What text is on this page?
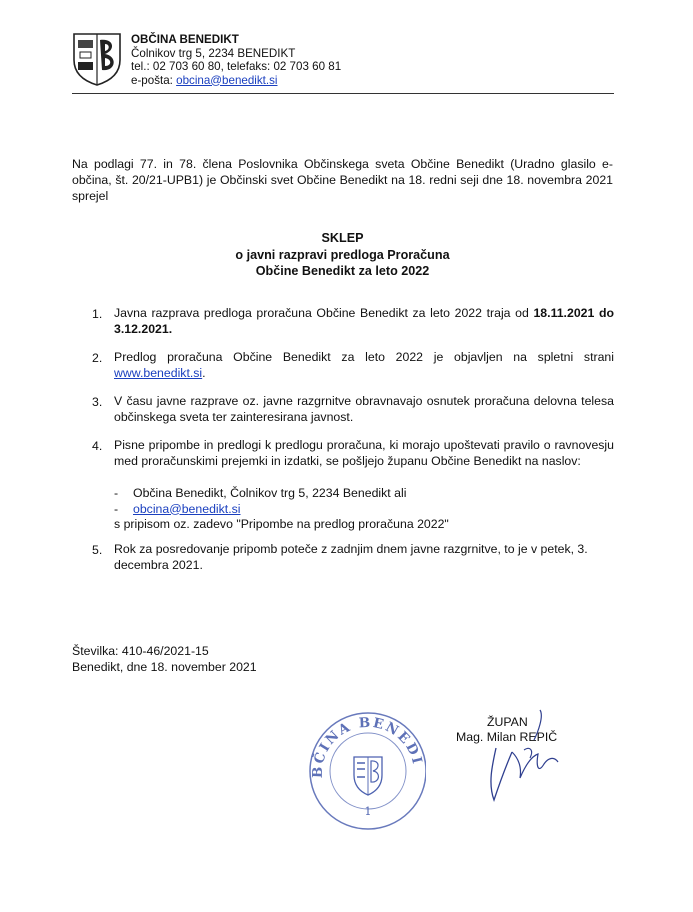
OBČINA BENEDIKT
Čolnikov trg 5, 2234 BENEDIKT
tel.: 02 703 60 80, telefaks: 02 703 60 81
e-pošta: obcina@benedikt.si
Na podlagi 77. in 78. člena Poslovnika Občinskega sveta Občine Benedikt (Uradno glasilo e-občina, št. 20/21-UPB1) je Občinski svet Občine Benedikt na 18. redni seji dne 18. novembra 2021 sprejel
SKLEP
o javni razpravi predloga Proračuna
Občine Benedikt za leto 2022
1. Javna razprava predloga proračuna Občine Benedikt za leto 2022 traja od 18.11.2021 do 3.12.2021.
2. Predlog proračuna Občine Benedikt za leto 2022 je objavljen na spletni strani www.benedikt.si.
3. V času javne razprave oz. javne razgrnitve obravnavajo osnutek proračuna delovna telesa občinskega sveta ter zainteresirana javnost.
4. Pisne pripombe in predlogi k predlogu proračuna, ki morajo upoštevati pravilo o ravnovesju med proračunskimi prejemki in izdatki, se pošljejo županu Občine Benedikt na naslov:
-	Občina Benedikt, Čolnikov trg 5, 2234 Benedikt ali
-	obcina@benedikt.si
s pripisom oz. zadevo "Pripombe na predlog proračuna 2022"
5. Rok za posredovanje pripomb poteče z zadnjim dnem javne razgrnitve, to je v petek, 3. decembra 2021.
Številka: 410-46/2021-15
Benedikt, dne 18. november 2021
ŽUPAN
Mag. Milan REPIČ
BČINA BENEDI
1
